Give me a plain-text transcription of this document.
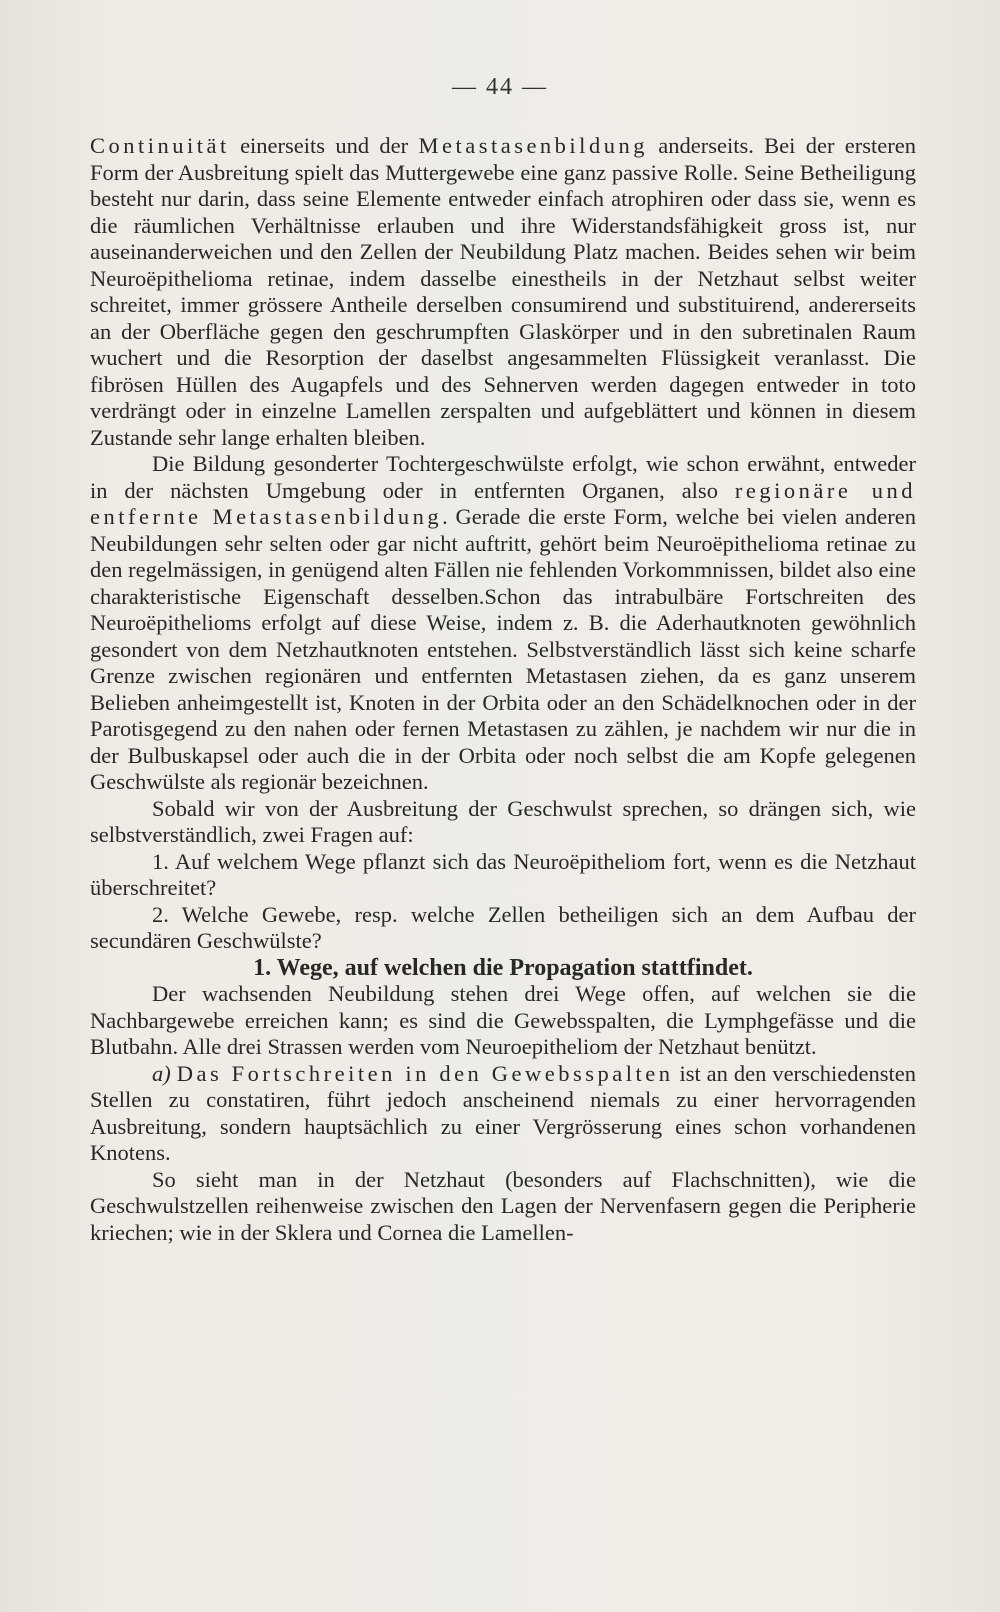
— 44 —

Continuität einerseits und der Metastasenbildung anderseits. Bei der ersteren Form der Ausbreitung spielt das Muttergewebe eine ganz passive Rolle. Seine Betheiligung besteht nur darin, dass seine Elemente entweder einfach atrophiren oder dass sie, wenn es die räumlichen Verhältnisse erlauben und ihre Widerstandsfähigkeit gross ist, nur auseinanderweichen und den Zellen der Neubildung Platz machen. Beides sehen wir beim Neuroëpithelioma retinae, indem dasselbe einestheils in der Netzhaut selbst weiter schreitet, immer grössere Antheile derselben consumirend und substituirend, andererseits an der Oberfläche gegen den geschrumpften Glaskörper und in den subretinalen Raum wuchert und die Resorption der daselbst angesammelten Flüssigkeit veranlasst. Die fibrösen Hüllen des Augapfels und des Sehnerven werden dagegen entweder in toto verdrängt oder in einzelne Lamellen zerspalten und aufgeblättert und können in diesem Zustande sehr lange erhalten bleiben.

Die Bildung gesonderter Tochtergeschwülste erfolgt, wie schon erwähnt, entweder in der nächsten Umgebung oder in entfernten Organen, also regionäre und entfernte Metastasenbildung. Gerade die erste Form, welche bei vielen anderen Neubildungen sehr selten oder gar nicht auftritt, gehört beim Neuroëpithelioma retinae zu den regelmässigen, in genügend alten Fällen nie fehlenden Vorkommnissen, bildet also eine charakteristische Eigenschaft desselben.Schon das intrabulbäre Fortschreiten des Neuroëpithelioms erfolgt auf diese Weise, indem z. B. die Aderhautknoten gewöhnlich gesondert von dem Netzhautknoten entstehen. Selbstverständlich lässt sich keine scharfe Grenze zwischen regionären und entfernten Metastasen ziehen, da es ganz unserem Belieben anheimgestellt ist, Knoten in der Orbita oder an den Schädelknochen oder in der Parotisgegend zu den nahen oder fernen Metastasen zu zählen, je nachdem wir nur die in der Bulbuskapsel oder auch die in der Orbita oder noch selbst die am Kopfe gelegenen Geschwülste als regionär bezeichnen.

Sobald wir von der Ausbreitung der Geschwulst sprechen, so drängen sich, wie selbstverständlich, zwei Fragen auf:

1. Auf welchem Wege pflanzt sich das Neuroëpitheliom fort, wenn es die Netzhaut überschreitet?

2. Welche Gewebe, resp. welche Zellen betheiligen sich an dem Aufbau der secundären Geschwülste?

1. Wege, auf welchen die Propagation stattfindet.

Der wachsenden Neubildung stehen drei Wege offen, auf welchen sie die Nachbargewebe erreichen kann; es sind die Gewebsspalten, die Lymphgefässe und die Blutbahn. Alle drei Strassen werden vom Neuroepitheliom der Netzhaut benützt.

a) Das Fortschreiten in den Gewebsspalten ist an den verschiedensten Stellen zu constatiren, führt jedoch anscheinend niemals zu einer hervorragenden Ausbreitung, sondern hauptsächlich zu einer Vergrösserung eines schon vorhandenen Knotens.

So sieht man in der Netzhaut (besonders auf Flachschnitten), wie die Geschwulstzellen reihenweise zwischen den Lagen der Nervenfasern gegen die Peripherie kriechen; wie in der Sklera und Cornea die Lamellen-
